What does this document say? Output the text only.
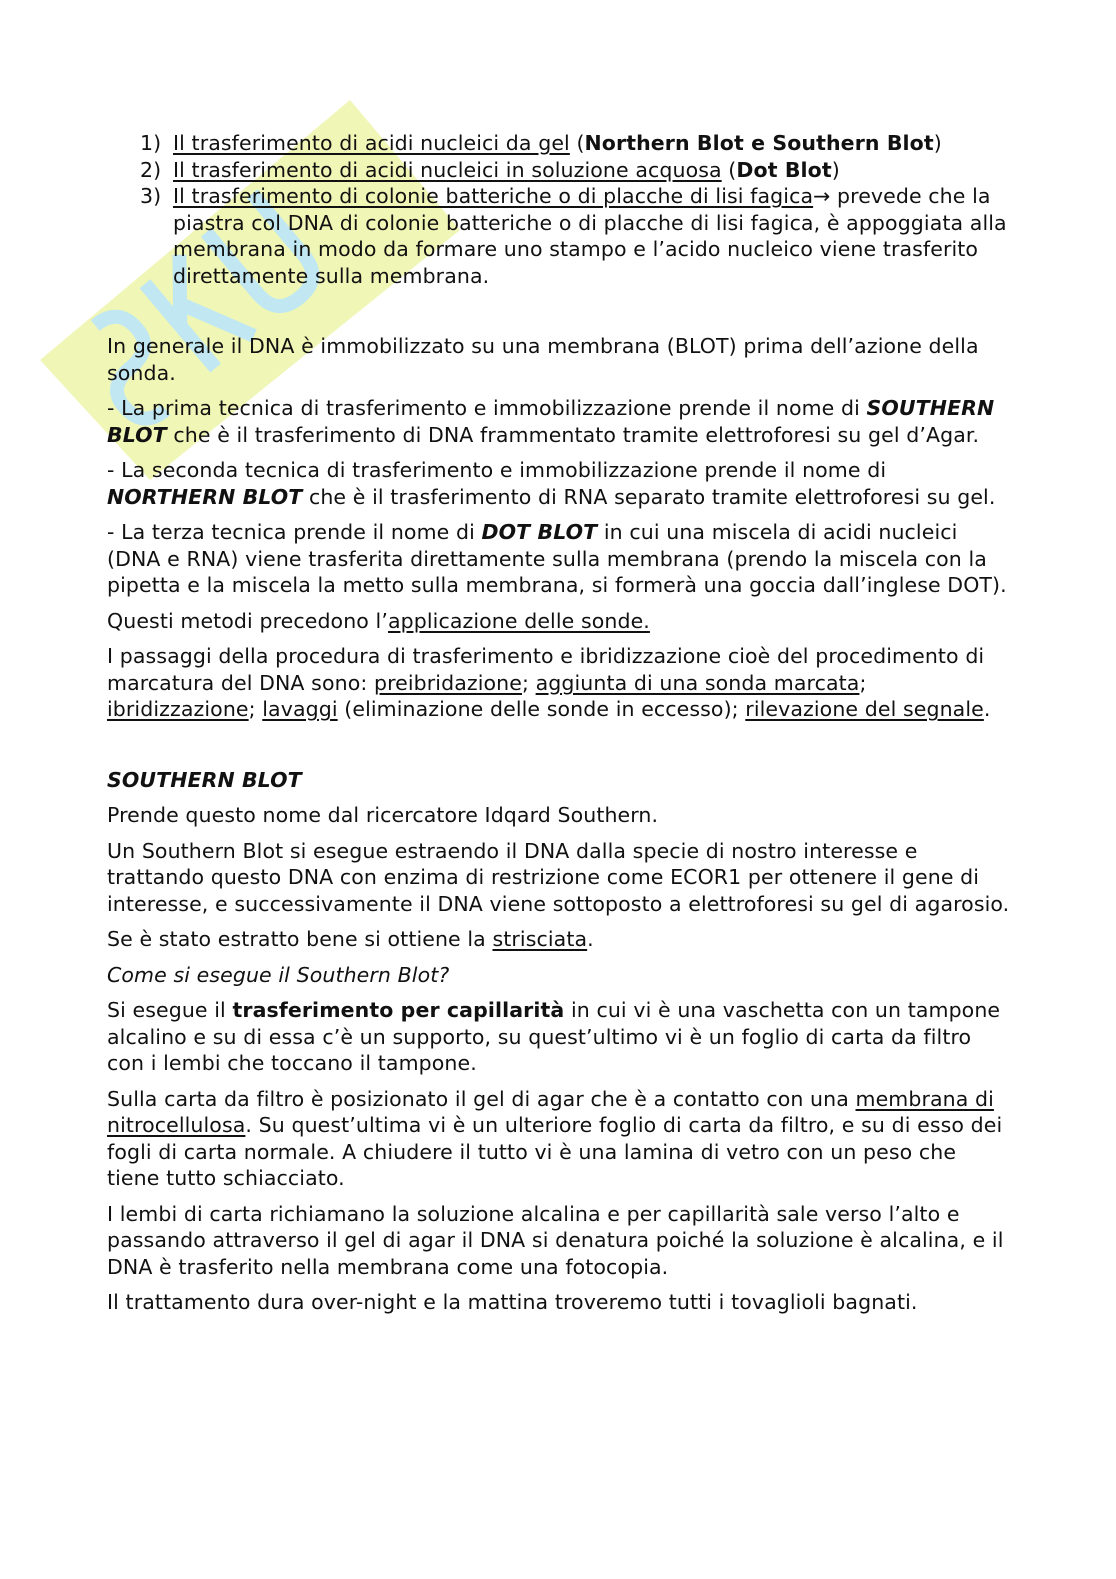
1) Il trasferimento di acidi nucleici da gel (Northern Blot e Southern Blot)
2) Il trasferimento di acidi nucleici in soluzione acquosa (Dot Blot)
3) Il trasferimento di colonie batteriche o di placche di lisi fagica→ prevede che la piastra col DNA di colonie batteriche o di placche di lisi fagica, è appoggiata alla membrana in modo da formare uno stampo e l’acido nucleico viene trasferito direttamente sulla membrana.

In generale il DNA è immobilizzato su una membrana (BLOT) prima dell’azione della sonda.

- La prima tecnica di trasferimento e immobilizzazione prende il nome di SOUTHERN BLOT che è il trasferimento di DNA frammentato tramite elettroforesi su gel d’Agar.

- La seconda tecnica di trasferimento e immobilizzazione prende il nome di NORTHERN BLOT che è il trasferimento di RNA separato tramite elettroforesi su gel.

- La terza tecnica prende il nome di DOT BLOT in cui una miscela di acidi nucleici (DNA e RNA) viene trasferita direttamente sulla membrana (prendo la miscela con la pipetta e la miscela la metto sulla membrana, si formerà una goccia dall’inglese DOT).

Questi metodi precedono l’applicazione delle sonde.

I passaggi della procedura di trasferimento e ibridizzazione cioè del procedimento di marcatura del DNA sono: preibridazione; aggiunta di una sonda marcata; ibridizzazione; lavaggi (eliminazione delle sonde in eccesso); rilevazione del segnale.

SOUTHERN BLOT

Prende questo nome dal ricercatore Idqard Southern.

Un Southern Blot si esegue estraendo il DNA dalla specie di nostro interesse e trattando questo DNA con enzima di restrizione come ECOR1 per ottenere il gene di interesse, e successivamente il DNA viene sottoposto a elettroforesi su gel di agarosio.

Se è stato estratto bene si ottiene la strisciata.

Come si esegue il Southern Blot?

Si esegue il trasferimento per capillarità in cui vi è una vaschetta con un tampone alcalino e su di essa c’è un supporto, su quest’ultimo vi è un foglio di carta da filtro con i lembi che toccano il tampone.

Sulla carta da filtro è posizionato il gel di agar che è a contatto con una membrana di nitrocellulosa. Su quest’ultima vi è un ulteriore foglio di carta da filtro, e su di esso dei fogli di carta normale. A chiudere il tutto vi è una lamina di vetro con un peso che tiene tutto schiacciato.

I lembi di carta richiamano la soluzione alcalina e per capillarità sale verso l’alto e passando attraverso il gel di agar il DNA si denatura poiché la soluzione è alcalina, e il DNA è trasferito nella membrana come una fotocopia.

Il trattamento dura over-night e la mattina troveremo tutti i tovaglioli bagnati.
